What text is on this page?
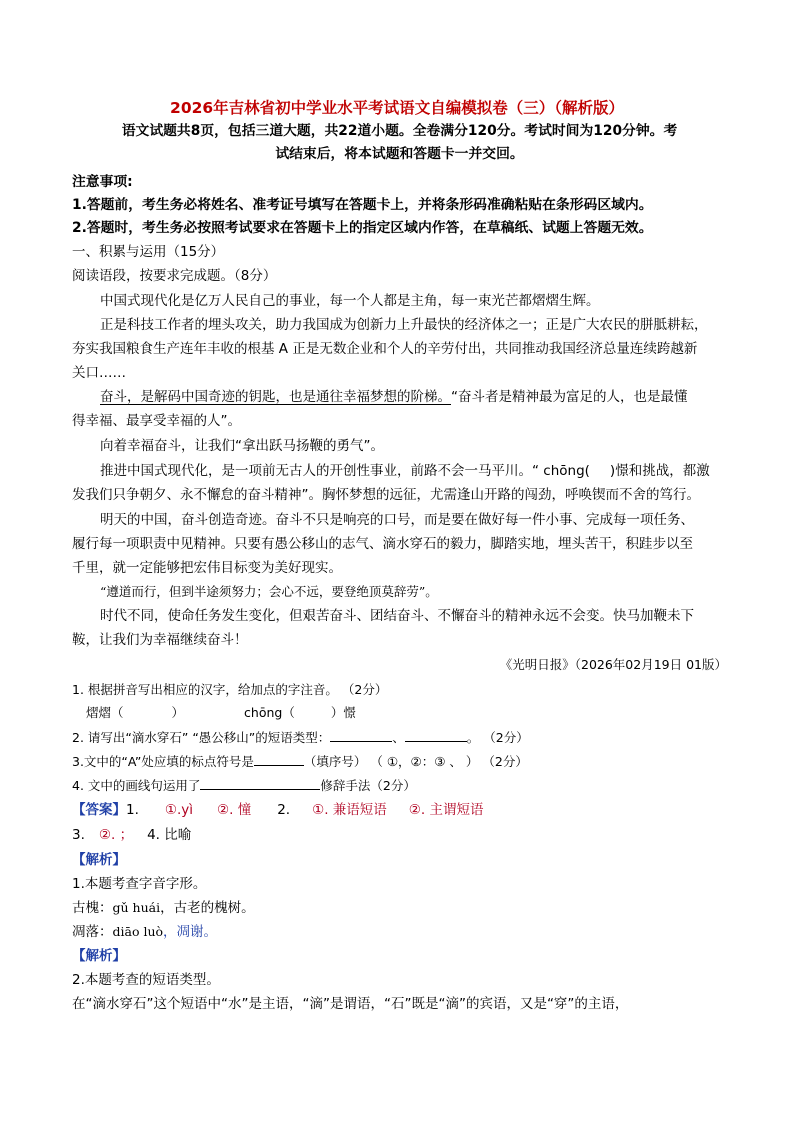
2026年吉林省初中学业水平考试语文自编模拟卷（三）（解析版）
语文试题共8页，包括三道大题，共22道小题。全卷满分120分。考试时间为120分钟。考
试结束后，将本试题和答题卡一并交回。
注意事项:
1.答题前，考生务必将姓名、准考证号填写在答题卡上，并将条形码准确粘贴在条形码区域内。
2.答题时，考生务必按照考试要求在答题卡上的指定区域内作答，在草稿纸、试题上答题无效。
一、积累与运用（15分）
阅读语段，按要求完成题。（8分）
中国式现代化是亿万人民自己的事业，每一个人都是主角，每一束光芒都熠熠生辉。
正是科技工作者的埋头攻关，助力我国成为创新力上升最快的经济体之一；正是广大农民的胼胝耕耘，
夯实我国粮食生产连年丰收的根基 A 正是无数企业和个人的辛劳付出，共同推动我国经济总量连续跨越新
关口……
奋斗，是解码中国奇迹的钥匙，也是通往幸福梦想的阶梯。“奋斗者是精神最为富足的人，也是最懂
得幸福、最享受幸福的人”。
向着幸福奋斗，让我们“拿出跃马扬鞭的勇气”。
推进中国式现代化，是一项前无古人的开创性事业，前路不会一马平川。“ chōng( )憬和挑战，都激
发我们只争朝夕、永不懈怠的奋斗精神”。胸怀梦想的远征，尤需逢山开路的闯劲，呼唤锲而不舍的笃行。
明天的中国，奋斗创造奇迹。奋斗不只是响亮的口号，而是要在做好每一件小事、完成每一项任务、
履行每一项职责中见精神。只要有愚公移山的志气、滴水穿石的毅力，脚踏实地，埋头苦干，积跬步以至
千里，就一定能够把宏伟目标变为美好现实。
“遵道而行，但到半途须努力；会心不远，要登绝顶莫辞劳”。
时代不同，使命任务发生变化，但艰苦奋斗、团结奋斗、不懈奋斗的精神永远不会变。快马加鞭未下
鞍，让我们为幸福继续奋斗！
《光明日报》（2026年02月19日 01版）
1. 根据拼音写出相应的汉字，给加点的字注音。 （2分）
熠熠（	）	chōng（	）憬
2. 请写出“滴水穿石” “愚公移山”的短语类型：	、	。 （2分）
3.文中的“A”处应填的标点符号是	（填序号） （ ①，②：③ 、 ） （2分）
4. 文中的画线句运用了	修辞手法（2分）
【答案】1. ①.yì ②. 憧 2. ①. 兼语短语 ②. 主谓短语
3. ②. ； 4. 比喻
【解析】
1.本题考查字音字形。
古槐：gǔ huái，古老的槐树。
凋落：diāo luò，凋谢。
【解析】
2.本题考查的短语类型。
在“滴水穿石”这个短语中“水”是主语，“滴”是谓语，“石”既是“滴”的宾语，又是“穿”的主语，
